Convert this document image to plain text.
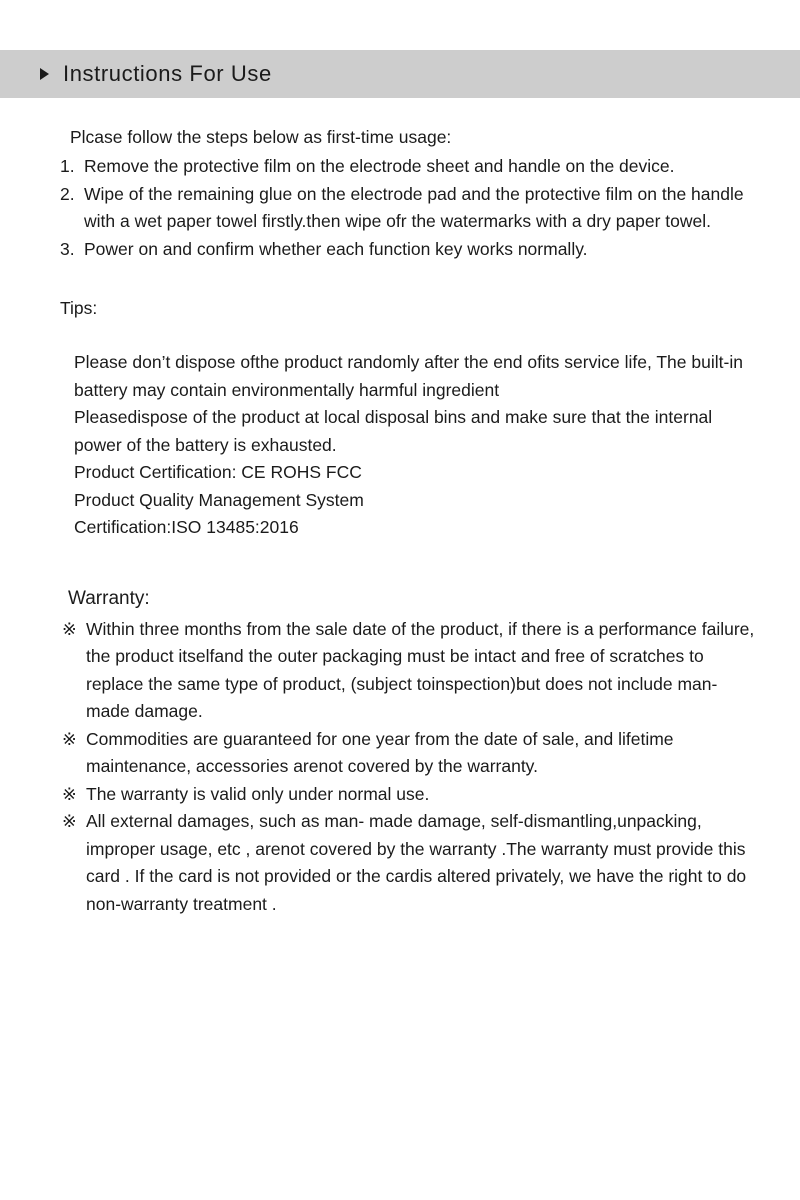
Instructions For Use
Plcase follow the steps below as first-time usage:
1. Remove the protective film on the electrode sheet and handle on the device.
2. Wipe of the remaining glue on the electrode pad and the protective film on the handle with a wet paper towel firstly.then wipe ofr the watermarks with a dry paper towel.
3. Power on and confirm whether each function key works normally.
Tips:

Please don’t dispose ofthe product randomly after the end ofits service life, The built-in battery may contain environmentally harmful ingredient

Pleasedispose of the product at local disposal bins and make sure that the internal power of the battery is exhausted.

Product Certification: CE ROHS FCC

Product Quality Management System

Certification:ISO 13485:2016

Warranty:
※ Within three months from the sale date of the product, if there is a performance failure, the product itselfand the outer packaging must be intact and free of scratches to replace the same type of product, (subject toinspection)but does not include man-made damage.
※ Commodities are guaranteed for one year from the date of sale, and lifetime maintenance, accessories arenot covered by the warranty.
※ The warranty is valid only under normal use.
※ All external damages, such as man- made damage, self-dismantling,unpacking, improper usage, etc , arenot covered by the warranty .The warranty must provide this card . If the card is not provided or the cardis altered privately, we have the right to do non-warranty treatment .
